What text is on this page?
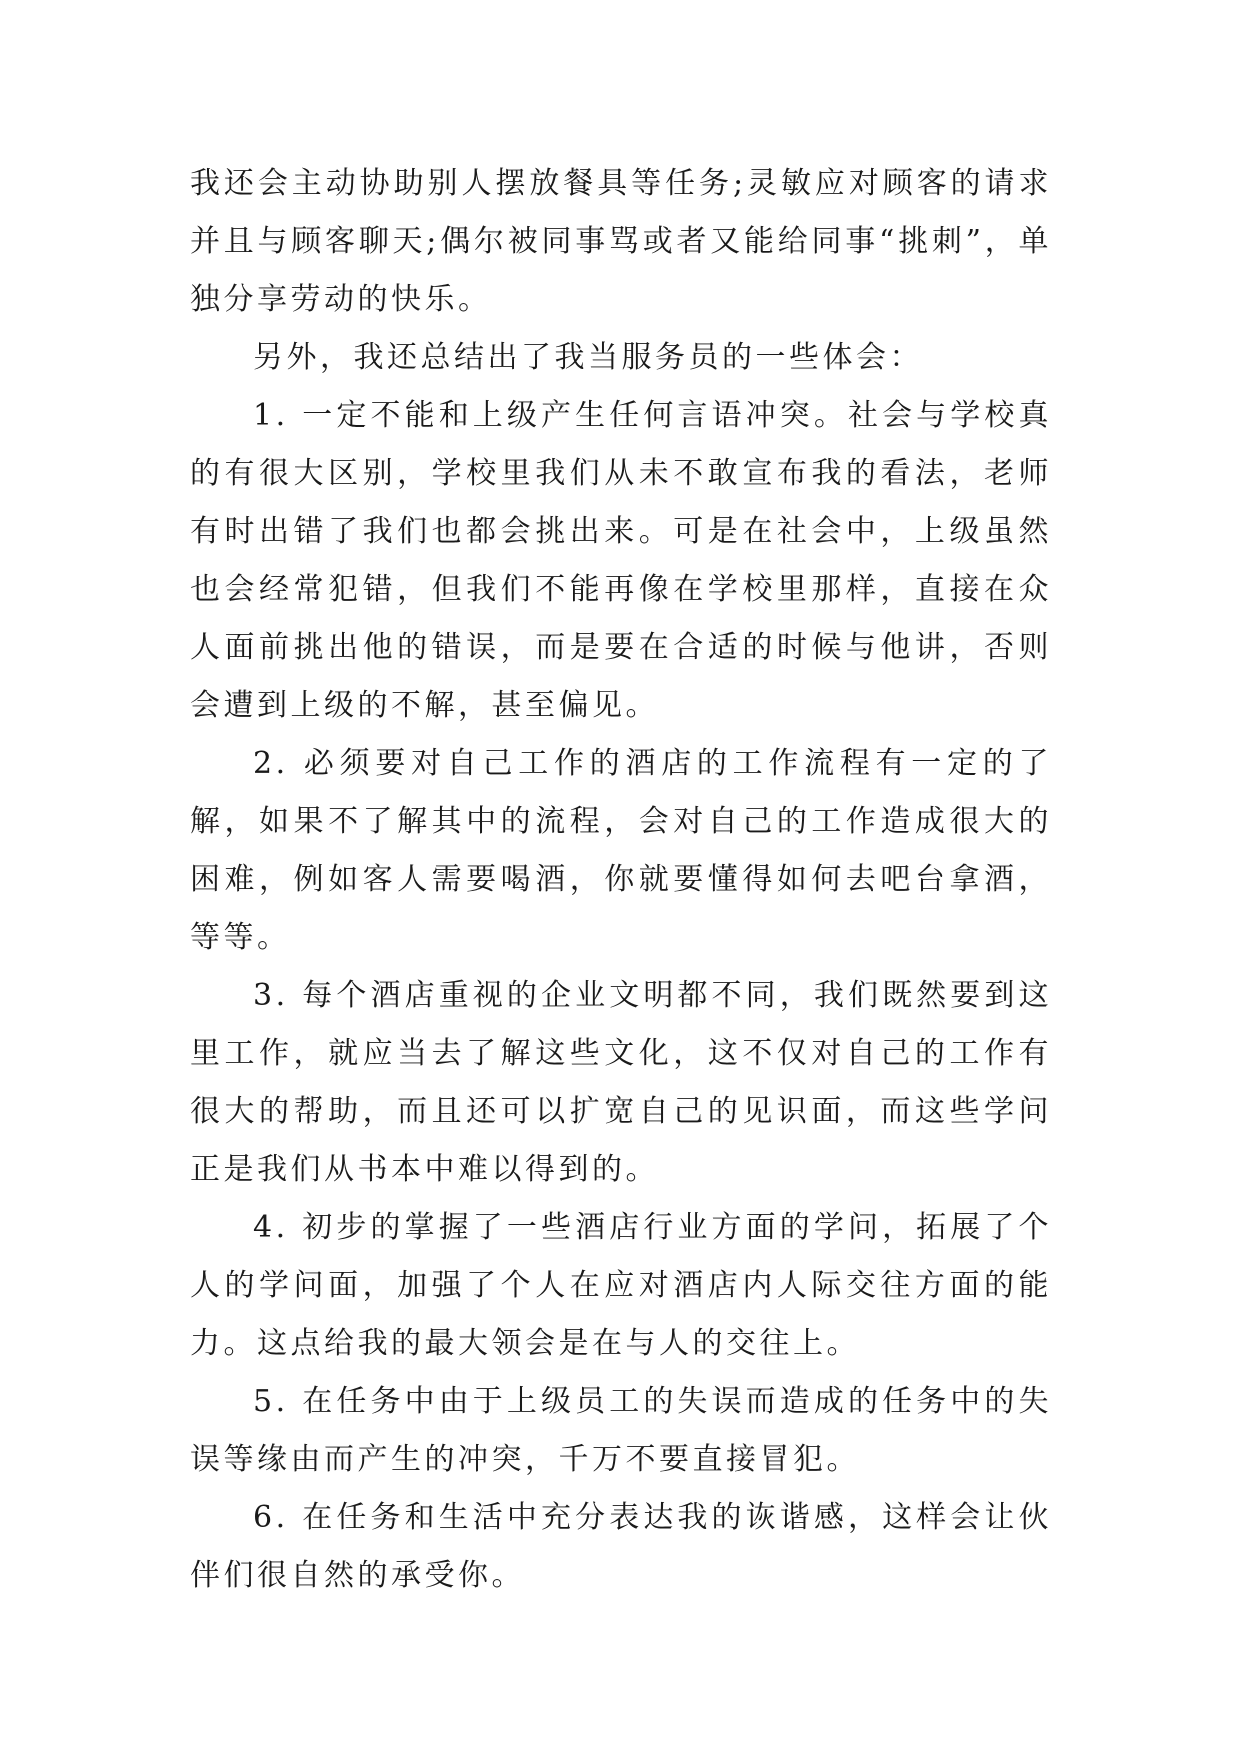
我还会主动协助别人摆放餐具等任务;灵敏应对顾客的请求并且与顾客聊天;偶尔被同事骂或者又能给同事“挑刺”，单独分享劳动的快乐。

另外，我还总结出了我当服务员的一些体会：

1. 一定不能和上级产生任何言语冲突。社会与学校真的有很大区别，学校里我们从未不敢宣布我的看法，老师有时出错了我们也都会挑出来。可是在社会中，上级虽然也会经常犯错，但我们不能再像在学校里那样，直接在众人面前挑出他的错误，而是要在合适的时候与他讲，否则会遭到上级的不解，甚至偏见。

2. 必须要对自己工作的酒店的工作流程有一定的了解，如果不了解其中的流程，会对自己的工作造成很大的困难，例如客人需要喝酒，你就要懂得如何去吧台拿酒，等等。

3. 每个酒店重视的企业文明都不同，我们既然要到这里工作，就应当去了解这些文化，这不仅对自己的工作有很大的帮助，而且还可以扩宽自己的见识面，而这些学问正是我们从书本中难以得到的。

4. 初步的掌握了一些酒店行业方面的学问，拓展了个人的学问面，加强了个人在应对酒店内人际交往方面的能力。这点给我的最大领会是在与人的交往上。

5. 在任务中由于上级员工的失误而造成的任务中的失误等缘由而产生的冲突，千万不要直接冒犯。

6. 在任务和生活中充分表达我的诙谐感，这样会让伙伴们很自然的承受你。
